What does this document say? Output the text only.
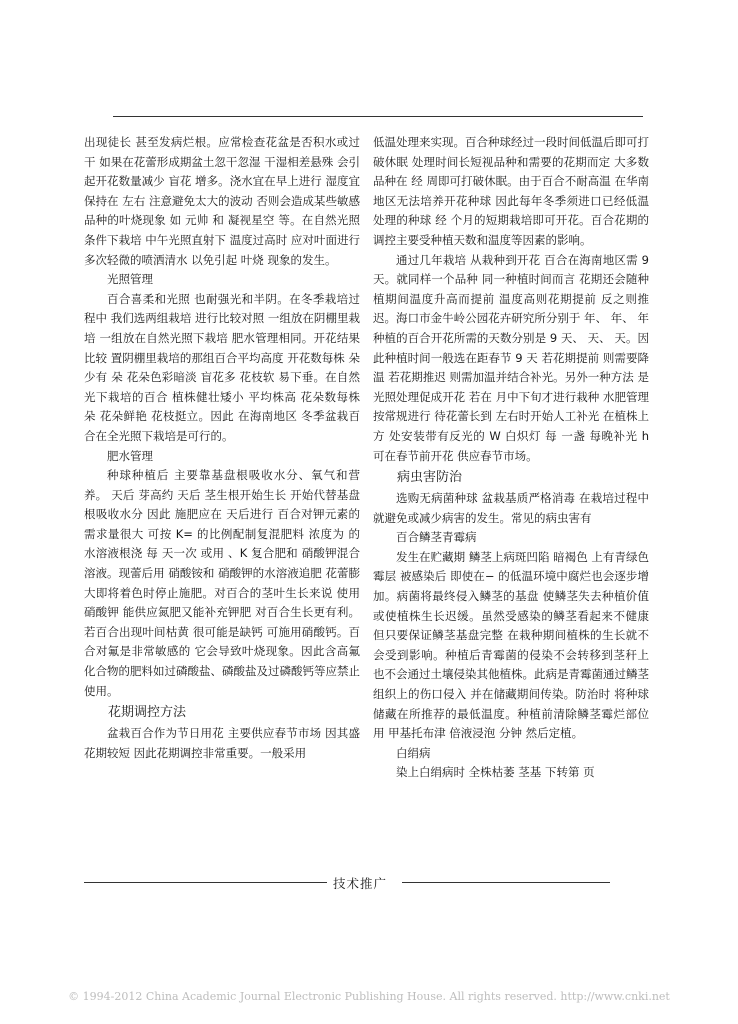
出现徒长 甚至发病烂根。应常检查花盆是否积水或过干 如果在花蕾形成期盆土忽干忽湿 干湿相差悬殊 会引起开花数量减少 盲花 增多。浇水宜在早上进行 湿度宜保持在 左右 注意避免太大的波动 否则会造成某些敏感品种的叶烧现象 如 元帅 和 凝视星空 等。在自然光照条件下栽培 中午光照直射下 温度过高时 应对叶面进行多次轻微的喷洒清水 以免引起 叶烧 现象的发生。

光照管理

百合喜柔和光照 也耐强光和半阴。在冬季栽培过程中 我们选两组栽培 进行比较对照 一组放在阴棚里栽培 一组放在自然光照下栽培 肥水管理相同。开花结果比较 置阴棚里栽培的那组百合平均高度 开花数每株 朵 少有 朵 花朵色彩暗淡 盲花多 花枝软 易下垂。在自然光下栽培的百合 植株健壮矮小 平均株高 花朵数每株 朵 花朵鲜艳 花枝挺立。因此 在海南地区 冬季盆栽百合在全光照下栽培是可行的。

肥水管理

种球种植后 主要靠基盘根吸收水分、氧气和营养。 天后 芽高约 天后 茎生根开始生长 开始代替基盘根吸收水分 因此 施肥应在 天后进行 百合对钾元素的需求量很大 可按 K= 的比例配制复混肥料 浓度为 的水溶液根浇 每 天一次 或用 、K 复合肥和 硝酸钾混合溶液。现蕾后用 硝酸铵和 硝酸钾的水溶液追肥 花蕾膨大即将着色时停止施肥。对百合的茎叶生长来说 使用硝酸钾 能供应氮肥又能补充钾肥 对百合生长更有利。若百合出现叶间枯黄 很可能是缺钙 可施用硝酸钙。百合对氟是非常敏感的 它会导致叶烧现象。因此含高氟化合物的肥料如过磷酸盐、磷酸盐及过磷酸钙等应禁止使用。

花期调控方法

盆栽百合作为节日用花 主要供应春节市场 因其盛花期较短 因此花期调控非常重要。一般采用

低温处理来实现。百合种球经过一段时间低温后即可打破休眠 处理时间长短视品种和需要的花期而定 大多数品种在 经 周即可打破休眠。由于百合不耐高温 在华南地区无法培养开花种球 因此每年冬季须进口已经低温处理的种球 经 个月的短期栽培即可开花。百合花期的调控主要受种植天数和温度等因素的影响。

通过几年栽培 从栽种到开花 百合在海南地区需 9 天。就同样一个品种 同一种植时间而言 花期还会随种植期间温度升高而提前 温度高则花期提前 反之则推迟。海口市金牛岭公园花卉研究所分别于 年、 年、 年种植的百合开花所需的天数分别是 9 天、 天、 天。因此种植时间一般选在距春节 9 天 若花期提前 则需要降温 若花期推迟 则需加温并结合补光。另外一种方法 是光照处理促成开花 若在 月中下旬才进行栽种 水肥管理按常规进行 待花蕾长到 左右时开始人工补光 在植株上方 处安装带有反光的 W 白炽灯 每 一盏 每晚补光 h 可在春节前开花 供应春节市场。

病虫害防治

选购无病菌种球 盆栽基质严格消毒 在栽培过程中就避免或减少病害的发生。常见的病虫害有

百合鳞茎青霉病

发生在贮藏期 鳞茎上病斑凹陷 暗褐色 上有青绿色霉层 被感染后 即使在− 的低温环境中腐烂也会逐步增加。病菌将最终侵入鳞茎的基盘 使鳞茎失去种植价值或使植株生长迟缓。虽然受感染的鳞茎看起来不健康 但只要保证鳞茎基盘完整 在栽种期间植株的生长就不会受到影响。种植后青霉菌的侵染不会转移到茎秆上 也不会通过土壤侵染其他植株。此病是青霉菌通过鳞茎组织上的伤口侵入 并在储藏期间传染。防治时 将种球储藏在所推荐的最低温度。种植前清除鳞茎霉烂部位 用 甲基托布津 倍液浸泡 分钟 然后定植。

白绢病

染上白绢病时 全株枯萎 茎基 下转第 页

技术推广
© 1994-2012 China Academic Journal Electronic Publishing House. All rights reserved. http://www.cnki.net
